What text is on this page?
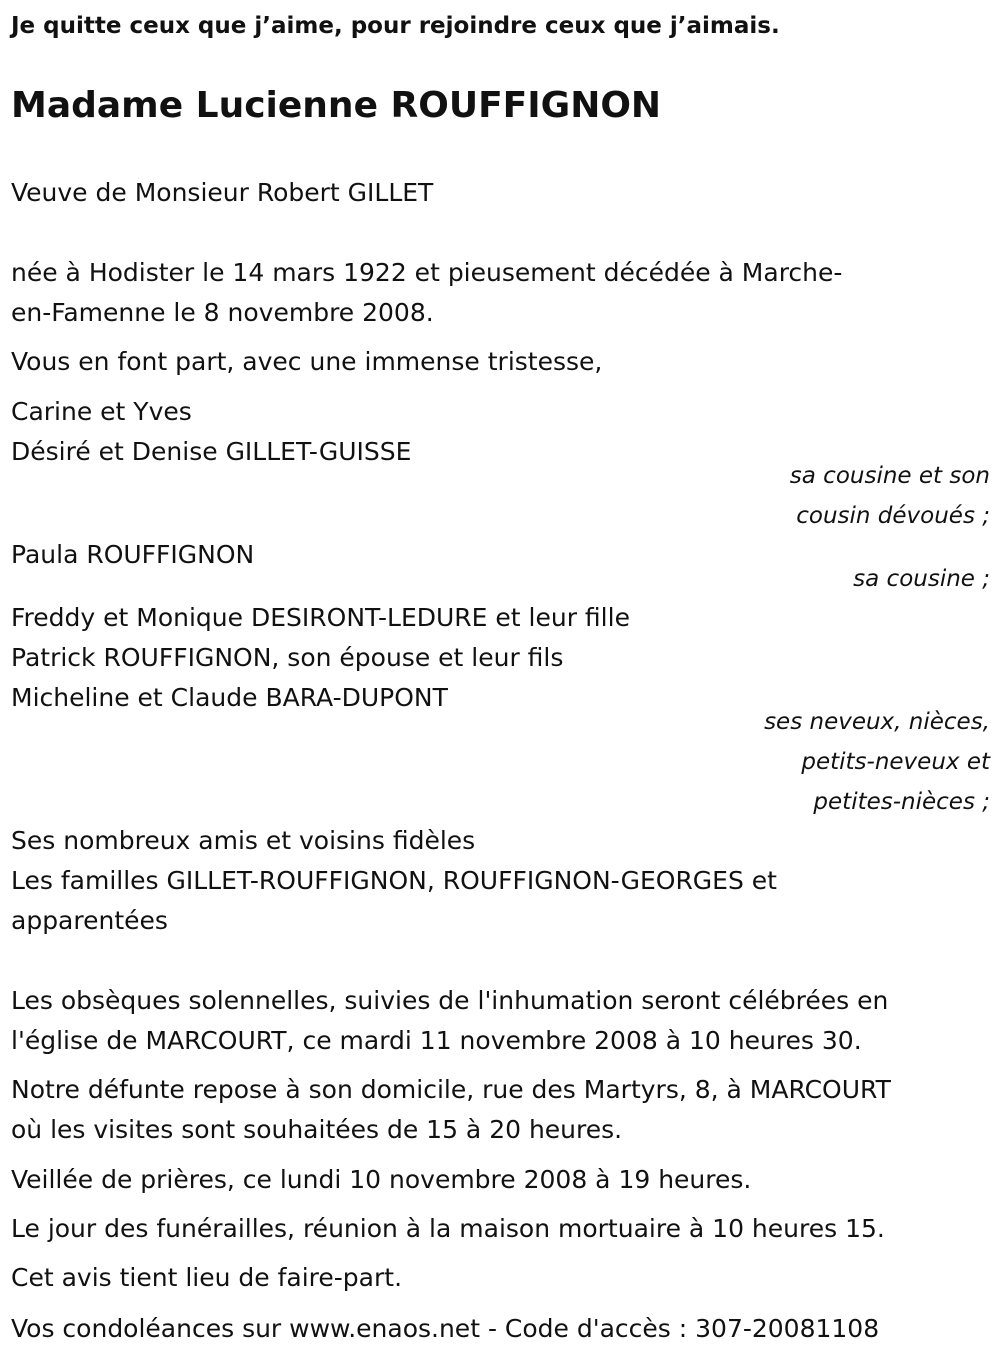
Je quitte ceux que j’aime, pour rejoindre ceux que j’aimais.

Madame Lucienne ROUFFIGNON

Veuve de Monsieur Robert GILLET

née à Hodister le 14 mars 1922 et pieusement décédée à Marche-

en-Famenne le 8 novembre 2008.

Vous en font part, avec une immense tristesse,

Carine et Yves

Désiré et Denise GILLET-GUISSE

sa cousine et son

cousin dévoués ;

Paula ROUFFIGNON

sa cousine ;

Freddy et Monique DESIRONT-LEDURE et leur fille

Patrick ROUFFIGNON, son épouse et leur fils

Micheline et Claude BARA-DUPONT

ses neveux, nièces,

petits-neveux et

petites-nièces ;

Ses nombreux amis et voisins fidèles

Les familles GILLET-ROUFFIGNON, ROUFFIGNON-GEORGES et

apparentées

Les obsèques solennelles, suivies de l'inhumation seront célébrées en

l'église de MARCOURT, ce mardi 11 novembre 2008 à 10 heures 30.

Notre défunte repose à son domicile, rue des Martyrs, 8, à MARCOURT

où les visites sont souhaitées de 15 à 20 heures.

Veillée de prières, ce lundi 10 novembre 2008 à 19 heures.

Le jour des funérailles, réunion à la maison mortuaire à 10 heures 15.

Cet avis tient lieu de faire-part.

Vos condoléances sur www.enaos.net - Code d'accès : 307-20081108
